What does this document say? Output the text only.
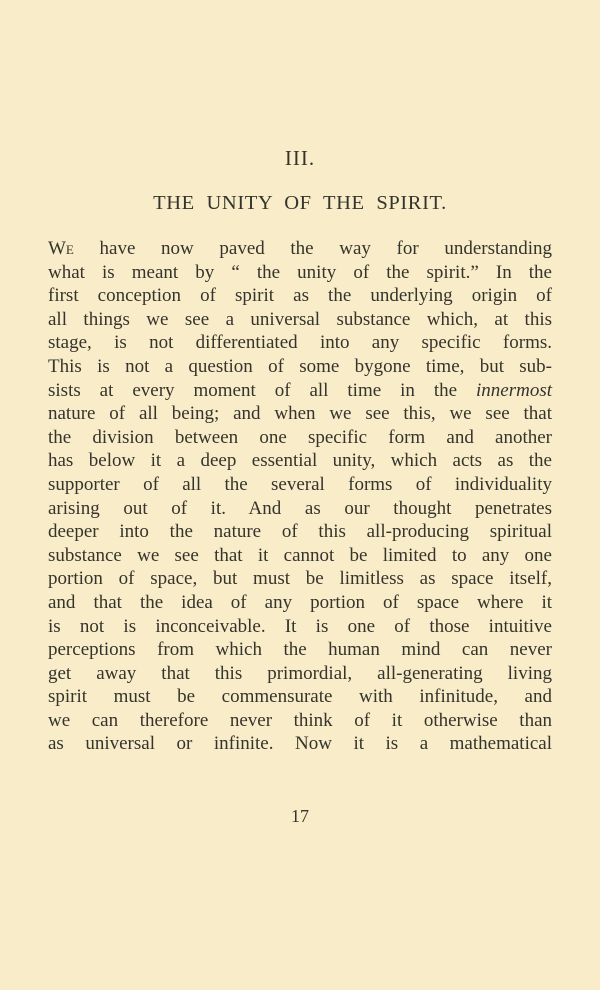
III.
THE UNITY OF THE SPIRIT.
We have now paved the way for understanding
what is meant by “ the unity of the spirit.” In the
first conception of spirit as the underlying origin of
all things we see a universal substance which, at this
stage, is not differentiated into any specific forms.
This is not a question of some bygone time, but sub-
sists at every moment of all time in the innermost
nature of all being; and when we see this, we see that
the division between one specific form and another
has below it a deep essential unity, which acts as the
supporter of all the several forms of individuality
arising out of it. And as our thought penetrates
deeper into the nature of this all-producing spiritual
substance we see that it cannot be limited to any one
portion of space, but must be limitless as space itself,
and that the idea of any portion of space where it
is not is inconceivable. It is one of those intuitive
perceptions from which the human mind can never
get away that this primordial, all-generating living
spirit must be commensurate with infinitude, and
we can therefore never think of it otherwise than
as universal or infinite. Now it is a mathematical
17
